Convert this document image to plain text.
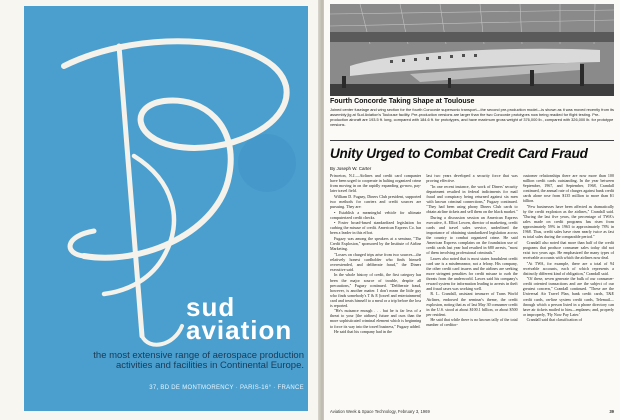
sud
aviation
the most extensive range of aerospace production activities and facilities in Continental Europe.
37, BD DE MONTMORENCY · PARIS-16° · FRANCE
Fourth Concorde Taking Shape at Toulouse
Joined center fuselage and wing section for the fourth Concorde supersonic transport—the second pre-production model—is shown as it was moved recently from its assembly jig at Sud Aviation's Toulouse facility. Pre-production versions are larger than the two Concorde prototypes now being readied for flight testing. Pre-production aircraft are 193.5 ft. long, compared with 184.6 ft. for prototypes, and have maximum gross weight of 376,000 lb., compared with 326,000 lb. for prototype versions.
Unity Urged to Combat Credit Card Fraud
By Joseph W. Carter

Princeton, N.J.—Airlines and credit card companies have been urged to cooperate in halting organized crime from moving in on the rapidly expanding go-now, pay-later travel field.

William D. Fugazy, Diners Club president, supported two methods for carriers and credit sources are pursuing. They are:

• Establish a meaningful vehicle for ultimate computerized credit checks.

• Foster broad-based standardized legislation for curbing the misuse of credit. American Express Co. has been a leader in this effort.

Fugazy was among the speakers at a seminar, "The Credit Explosion," sponsored by the Institute of Airline Marketing.

"Losses on charged trips arise from two sources—the relatively honest cardholder who finds himself overextended, and deliberate fraud," the Diners executive said.

In the whole history of credit, the first category has been the major source of trouble, despite all precautions," Fugazy continued. "Deliberate fraud, however, is another matter. I don't mean the little guy who finds somebody's T & E [travel and entertainment] card and treats himself to a meal or a trip before the loss is reported.

"He's nuisance enough . . . but he is far less of a threat to your [the airlines] future and ours than the more sophisticated criminal element which is beginning to force its way into the travel business," Fugazy added.

He said that his company had in the

last two years developed a security force that was proving effective.

"In one recent instance, the work of Diners' security department resulted in federal indictments for mail fraud and conspiracy being returned against six men with known criminal connections," Fugazy continued. "They had been using phony Diners Club cards to obtain airline tickets and sell them on the black market."

During a discussion session an American Express executive, A. Elliot Lowen, director of marketing, credit cards and travel sales service, underlined the importance of obtaining standardized legislation across the country to combat organized crime. He said American Express complains on the foundation use of credit cards last year had resulted in 680 arrests, "most of them involving professional criminals."

Lawes also noted that is most states fraudulent credit card use is a misdemeanor, not a felony. His company, the other credit card issuers and the airlines are seeking more stringent penalties for credit misuse to curb the threats from the underworld. Lawes said his company's reward system for information leading to arrests in theft and fraud cases was working well.

R. L. Crandall, assistant treasurer of Trans World Airlines, endorsed the seminar's theme, the credit explosion, noting that as of last May 30 consumer credit in the U.S. stood at about $100.1 billion, or about $500 per resident.

He said that while there is no known tally of the total number of creditor-

customer relationships there are now more than 100 million credit cards outstanding. In the year between September, 1967, and September, 1968, Crandall continued, the annual rate of charges against bank credit cards alone rose from $135 million to more than $1 billion.

"Few businesses have been affected as dramatically by the credit explosion as the airlines," Crandall said. "During the last five years, the percentage of TWA's sales made on credit programs has risen from approximately 59% in 1963 to approximately 78% in 1968. Thus, credit sales have risen nearly twice as fast as total sales during the comparable period."

Crandall also noted that more than half of the credit programs that produce consumer sales today did not exist two years ago. He emphasized the many types of receivable accounts with which the airlines now deal.

"At TWA, for example, there are a total of 94 receivable accounts, each of which represents a distinctly different kind of obligation," Crandall said.

"Of these, seven generate the bulk of our consumer-credit oriented transactions and are the subject of our greatest concern," Crandall continued. "These are the Universal Air Travel Plan, bank credit cards, T&E credit cards, on-line system credit cards, Telemail—through which a person listed in a phone directory can have air tickets mailed to him—enplanes; and, properly or improperly, 'Fly Now Pay Later.'

Crandall said that classification of

Aviation Week & Space Technology, February 3, 1969	39
